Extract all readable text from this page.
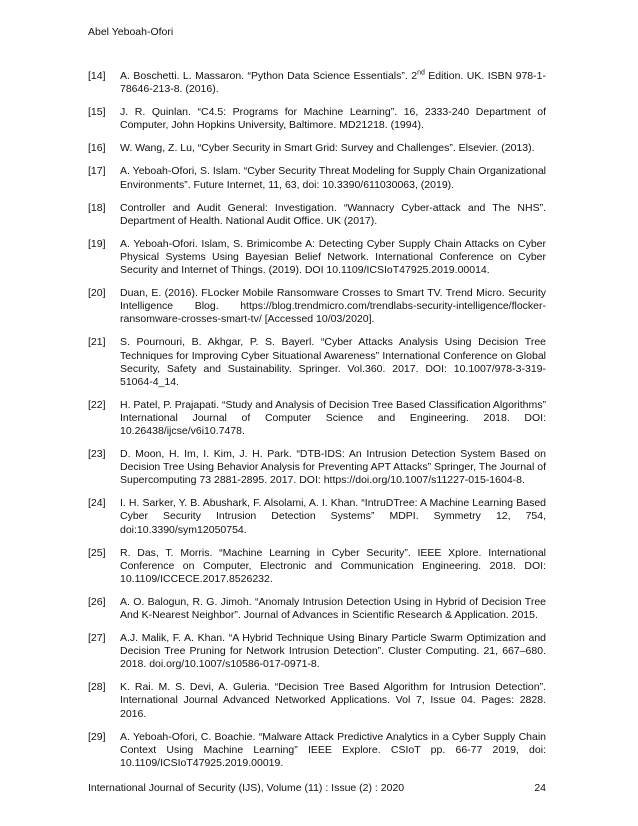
Abel Yeboah-Ofori
[14]	A. Boschetti. L. Massaron. “Python Data Science Essentials”. 2nd Edition. UK. ISBN 978-1-78646-213-8. (2016).
[15]	J. R. Quinlan. “C4.5: Programs for Machine Learning”. 16, 2333-240 Department of Computer, John Hopkins University, Baltimore. MD21218. (1994).
[16]	W. Wang, Z. Lu, “Cyber Security in Smart Grid: Survey and Challenges”. Elsevier. (2013).
[17]	A. Yeboah-Ofori, S. Islam. “Cyber Security Threat Modeling for Supply Chain Organizational Environments”. Future Internet, 11, 63, doi: 10.3390/611030063, (2019).
[18]	Controller and Audit General: Investigation. “Wannacry Cyber-attack and The NHS”. Department of Health. National Audit Office. UK (2017).
[19]	A. Yeboah-Ofori. Islam, S. Brimicombe A: Detecting Cyber Supply Chain Attacks on Cyber Physical Systems Using Bayesian Belief Network. International Conference on Cyber Security and Internet of Things. (2019). DOI 10.1109/ICSIoT47925.2019.00014.
[20]	Duan, E. (2016). FLocker Mobile Ransomware Crosses to Smart TV. Trend Micro. Security Intelligence Blog. https://blog.trendmicro.com/trendlabs-security-intelligence/flocker-ransomware-crosses-smart-tv/ [Accessed 10/03/2020].
[21]	S. Pournouri, B. Akhgar, P. S. Bayerl. “Cyber Attacks Analysis Using Decision Tree Techniques for Improving Cyber Situational Awareness” International Conference on Global Security, Safety and Sustainability. Springer. Vol.360. 2017. DOI: 10.1007/978-3-319-51064-4_14.
[22]	H. Patel, P. Prajapati. “Study and Analysis of Decision Tree Based Classification Algorithms” International Journal of Computer Science and Engineering. 2018. DOI: 10.26438/ijcse/v6i10.7478.
[23]	D. Moon, H. Im, I. Kim, J. H. Park. “DTB-IDS: An Intrusion Detection System Based on Decision Tree Using Behavior Analysis for Preventing APT Attacks” Springer, The Journal of Supercomputing 73 2881-2895. 2017. DOI: https://doi.org/10.1007/s11227-015-1604-8.
[24]	I. H. Sarker, Y. B. Abushark, F. Alsolami, A. I. Khan. “IntruDTree: A Machine Learning Based Cyber Security Intrusion Detection Systems” MDPI. Symmetry 12, 754, doi:10.3390/sym12050754.
[25]	R. Das, T. Morris. “Machine Learning in Cyber Security”. IEEE Xplore. International Conference on Computer, Electronic and Communication Engineering. 2018. DOI: 10.1109/ICCECE.2017.8526232.
[26]	A. O. Balogun, R. G. Jimoh. “Anomaly Intrusion Detection Using in Hybrid of Decision Tree And K-Nearest Neighbor”. Journal of Advances in Scientific Research & Application. 2015.
[27]	A.J. Malik, F. A. Khan. “A Hybrid Technique Using Binary Particle Swarm Optimization and Decision Tree Pruning for Network Intrusion Detection”. Cluster Computing. 21, 667–680. 2018. doi.org/10.1007/s10586-017-0971-8.
[28]	K. Rai. M. S. Devi, A. Guleria. “Decision Tree Based Algorithm for Intrusion Detection”. International Journal Advanced Networked Applications. Vol 7, Issue 04. Pages: 2828. 2016.
[29]	A. Yeboah-Ofori, C. Boachie. “Malware Attack Predictive Analytics in a Cyber Supply Chain Context Using Machine Learning” IEEE Explore. CSIoT pp. 66-77 2019, doi: 10.1109/ICSIoT47925.2019.00019.
International Journal of Security (IJS), Volume (11) : Issue (2) : 2020	24
